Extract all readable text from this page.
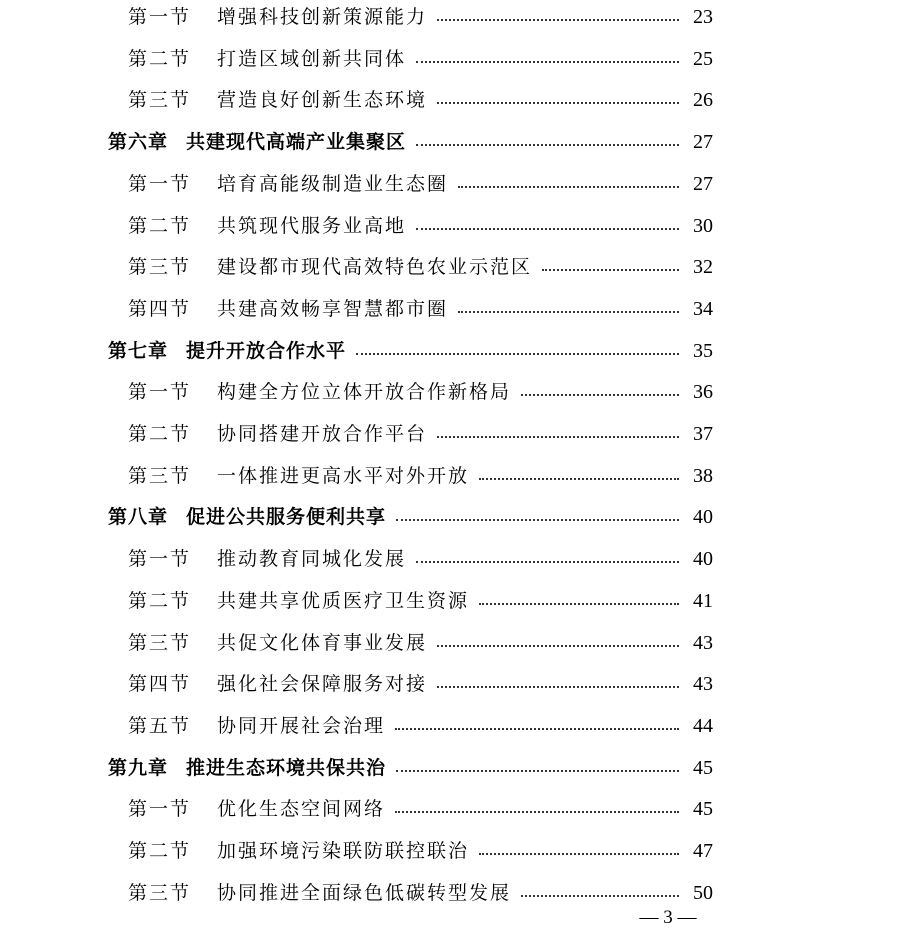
第一节 增强科技创新策源能力	23
第二节 打造区域创新共同体	25
第三节 营造良好创新生态环境	26
第六章 共建现代高端产业集聚区	27
第一节 培育高能级制造业生态圈	27
第二节 共筑现代服务业高地	30
第三节 建设都市现代高效特色农业示范区	32
第四节 共建高效畅享智慧都市圈	34
第七章 提升开放合作水平	35
第一节 构建全方位立体开放合作新格局	36
第二节 协同搭建开放合作平台	37
第三节 一体推进更高水平对外开放	38
第八章 促进公共服务便利共享	40
第一节 推动教育同城化发展	40
第二节 共建共享优质医疗卫生资源	41
第三节 共促文化体育事业发展	43
第四节 强化社会保障服务对接	43
第五节 协同开展社会治理	44
第九章 推进生态环境共保共治	45
第一节 优化生态空间网络	45
第二节 加强环境污染联防联控联治	47
第三节 协同推进全面绿色低碳转型发展	50
— 3 —
